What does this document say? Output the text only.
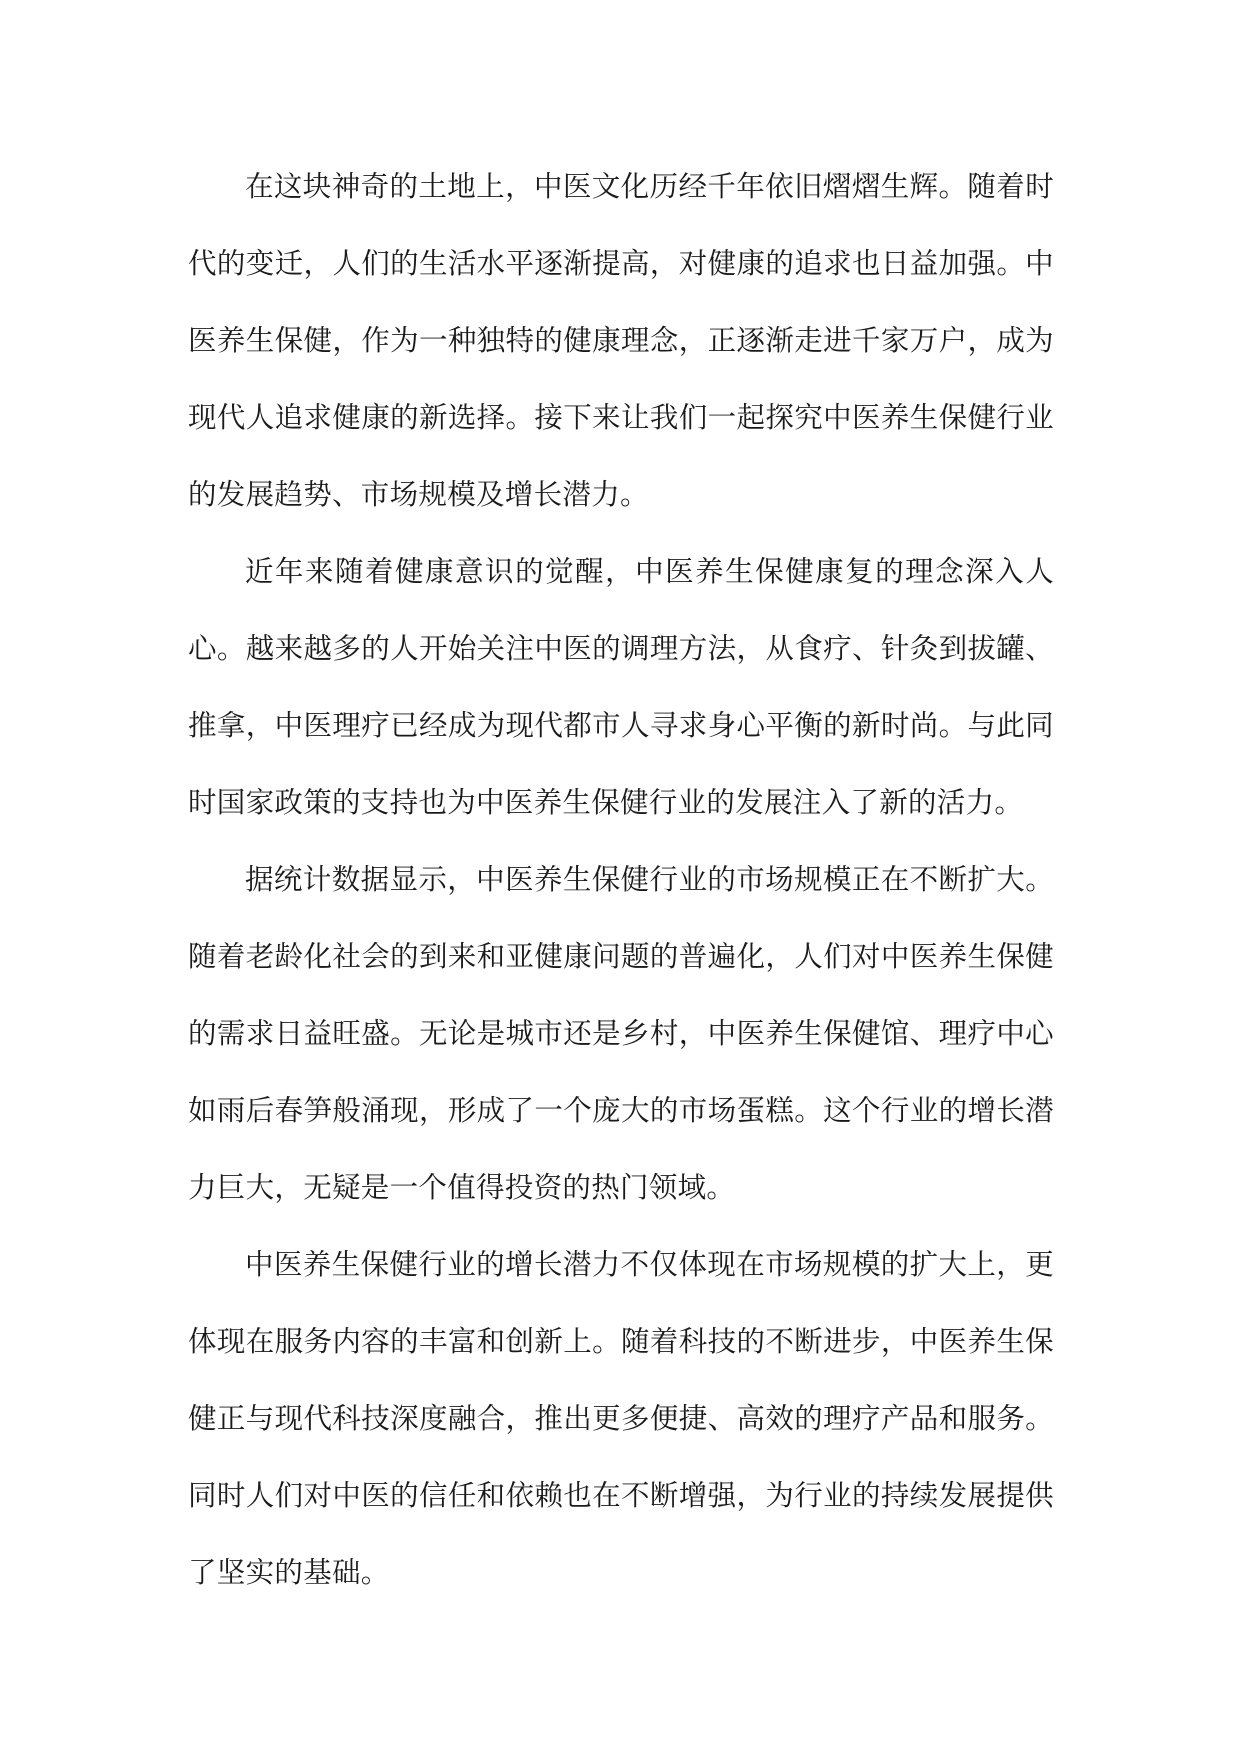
在这块神奇的土地上，中医文化历经千年依旧熠熠生辉。随着时代的变迁，人们的生活水平逐渐提高，对健康的追求也日益加强。中医养生保健，作为一种独特的健康理念，正逐渐走进千家万户，成为现代人追求健康的新选择。接下来让我们一起探究中医养生保健行业的发展趋势、市场规模及增长潜力。

近年来随着健康意识的觉醒，中医养生保健康复的理念深入人心。越来越多的人开始关注中医的调理方法，从食疗、针灸到拔罐、推拿，中医理疗已经成为现代都市人寻求身心平衡的新时尚。与此同时国家政策的支持也为中医养生保健行业的发展注入了新的活力。

据统计数据显示，中医养生保健行业的市场规模正在不断扩大。随着老龄化社会的到来和亚健康问题的普遍化，人们对中医养生保健的需求日益旺盛。无论是城市还是乡村，中医养生保健馆、理疗中心如雨后春笋般涌现，形成了一个庞大的市场蛋糕。这个行业的增长潜力巨大，无疑是一个值得投资的热门领域。

中医养生保健行业的增长潜力不仅体现在市场规模的扩大上，更体现在服务内容的丰富和创新上。随着科技的不断进步，中医养生保健正与现代科技深度融合，推出更多便捷、高效的理疗产品和服务。同时人们对中医的信任和依赖也在不断增强，为行业的持续发展提供了坚实的基础。
